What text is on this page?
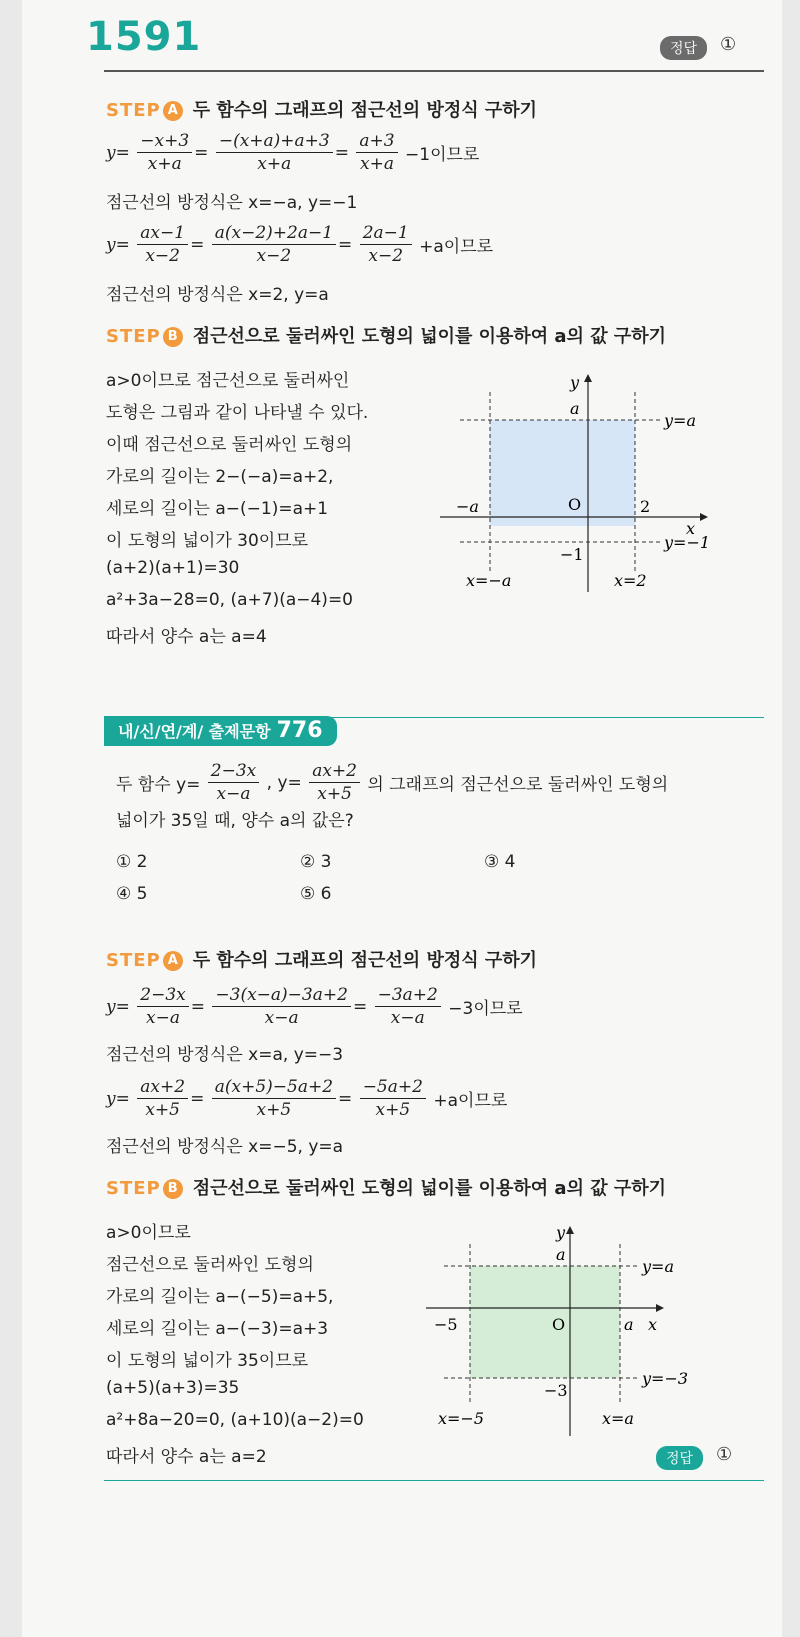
1591	정답	①
STEP A 두 함수의 그래프의 점근선의 방정식 구하기
$y= \frac{-x+3}{x+a} = \frac{-(x+a)+a+3}{x+a} = \frac{a+3}{x+a} -1$이므로
점근선의 방정식은 x=−a, y=−1
$y= \frac{ax-1}{x-2} = \frac{a(x-2)+2a-1}{x-2} = \frac{2a-1}{x-2} +a$이므로
점근선의 방정식은 x=2, y=a
STEP B 점근선으로 둘러싸인 도형의 넓이를 이용하여 a의 값 구하기
a>0이므로 점근선으로 둘러싸인
도형은 그림과 같이 나타낼 수 있다.
이때 점근선으로 둘러싸인 도형의
가로의 길이는 2−(−a)=a+2,
세로의 길이는 a−(−1)=a+1
이 도형의 넓이가 30이므로
(a+2)(a+1)=30
a²+3a−28=0, (a+7)(a−4)=0
따라서 양수 a는 a=4
y
x
O
a
y=a
−a	2
−1
y=−1
x=−a	x=2
내/신/연/계/ 출제문항 776
두 함수 $y= \frac{2-3x}{x-a}$ , $y= \frac{ax+2}{x+5}$ 의 그래프의 점근선으로 둘러싸인 도형의
넓이가 35일 때, 양수 a의 값은?
① 2	② 3	③ 4
④ 5	⑤ 6
STEP A 두 함수의 그래프의 점근선의 방정식 구하기
$y= \frac{2-3x}{x-a} = \frac{-3(x-a)-3a+2}{x-a} = \frac{-3a+2}{x-a} -3$이므로
점근선의 방정식은 x=a, y=−3
$y= \frac{ax+2}{x+5} = \frac{a(x+5)-5a+2}{x+5} = \frac{-5a+2}{x+5} +a$이므로
점근선의 방정식은 x=−5, y=a
STEP B 점근선으로 둘러싸인 도형의 넓이를 이용하여 a의 값 구하기
a>0이므로
점근선으로 둘러싸인 도형의
가로의 길이는 a−(−5)=a+5,
세로의 길이는 a−(−3)=a+3
이 도형의 넓이가 35이므로
(a+5)(a+3)=35
a²+8a−20=0, (a+10)(a−2)=0
따라서 양수 a는 a=2
y
x
O
a
y=a
−5	a
−3
y=−3
x=−5	x=a
정답	①
